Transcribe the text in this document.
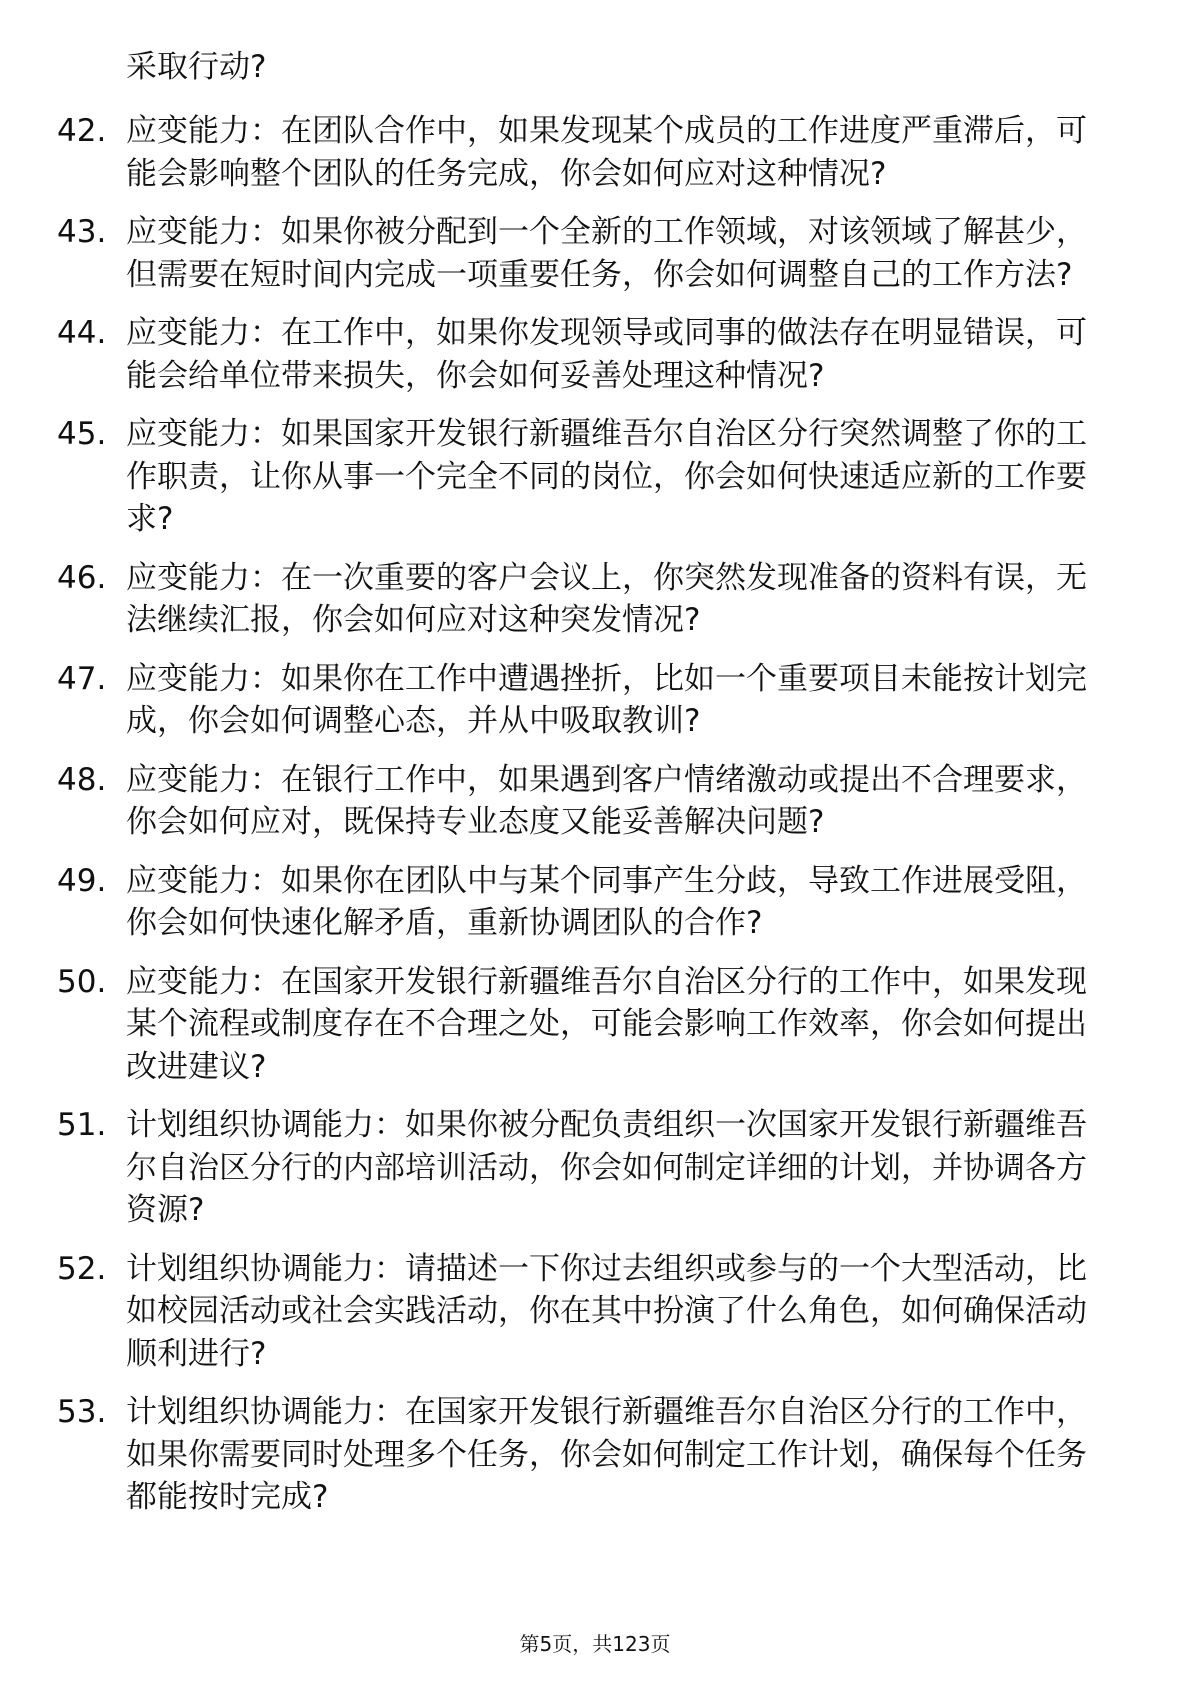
采取行动?

42. 应变能力：在团队合作中，如果发现某个成员的工作进度严重滞后，可能会影响整个团队的任务完成，你会如何应对这种情况?
43. 应变能力：如果你被分配到一个全新的工作领域，对该领域了解甚少，但需要在短时间内完成一项重要任务，你会如何调整自己的工作方法?
44. 应变能力：在工作中，如果你发现领导或同事的做法存在明显错误，可能会给单位带来损失，你会如何妥善处理这种情况?
45. 应变能力：如果国家开发银行新疆维吾尔自治区分行突然调整了你的工作职责，让你从事一个完全不同的岗位，你会如何快速适应新的工作要求?
46. 应变能力：在一次重要的客户会议上，你突然发现准备的资料有误，无法继续汇报，你会如何应对这种突发情况?
47. 应变能力：如果你在工作中遭遇挫折，比如一个重要项目未能按计划完成，你会如何调整心态，并从中吸取教训?
48. 应变能力：在银行工作中，如果遇到客户情绪激动或提出不合理要求，你会如何应对，既保持专业态度又能妥善解决问题?
49. 应变能力：如果你在团队中与某个同事产生分歧，导致工作进展受阻，你会如何快速化解矛盾，重新协调团队的合作?
50. 应变能力：在国家开发银行新疆维吾尔自治区分行的工作中，如果发现某个流程或制度存在不合理之处，可能会影响工作效率，你会如何提出改进建议?
51. 计划组织协调能力：如果你被分配负责组织一次国家开发银行新疆维吾尔自治区分行的内部培训活动，你会如何制定详细的计划，并协调各方资源?
52. 计划组织协调能力：请描述一下你过去组织或参与的一个大型活动，比如校园活动或社会实践活动，你在其中扮演了什么角色，如何确保活动顺利进行?
53. 计划组织协调能力：在国家开发银行新疆维吾尔自治区分行的工作中，如果你需要同时处理多个任务，你会如何制定工作计划，确保每个任务都能按时完成?
第5页，共123页
